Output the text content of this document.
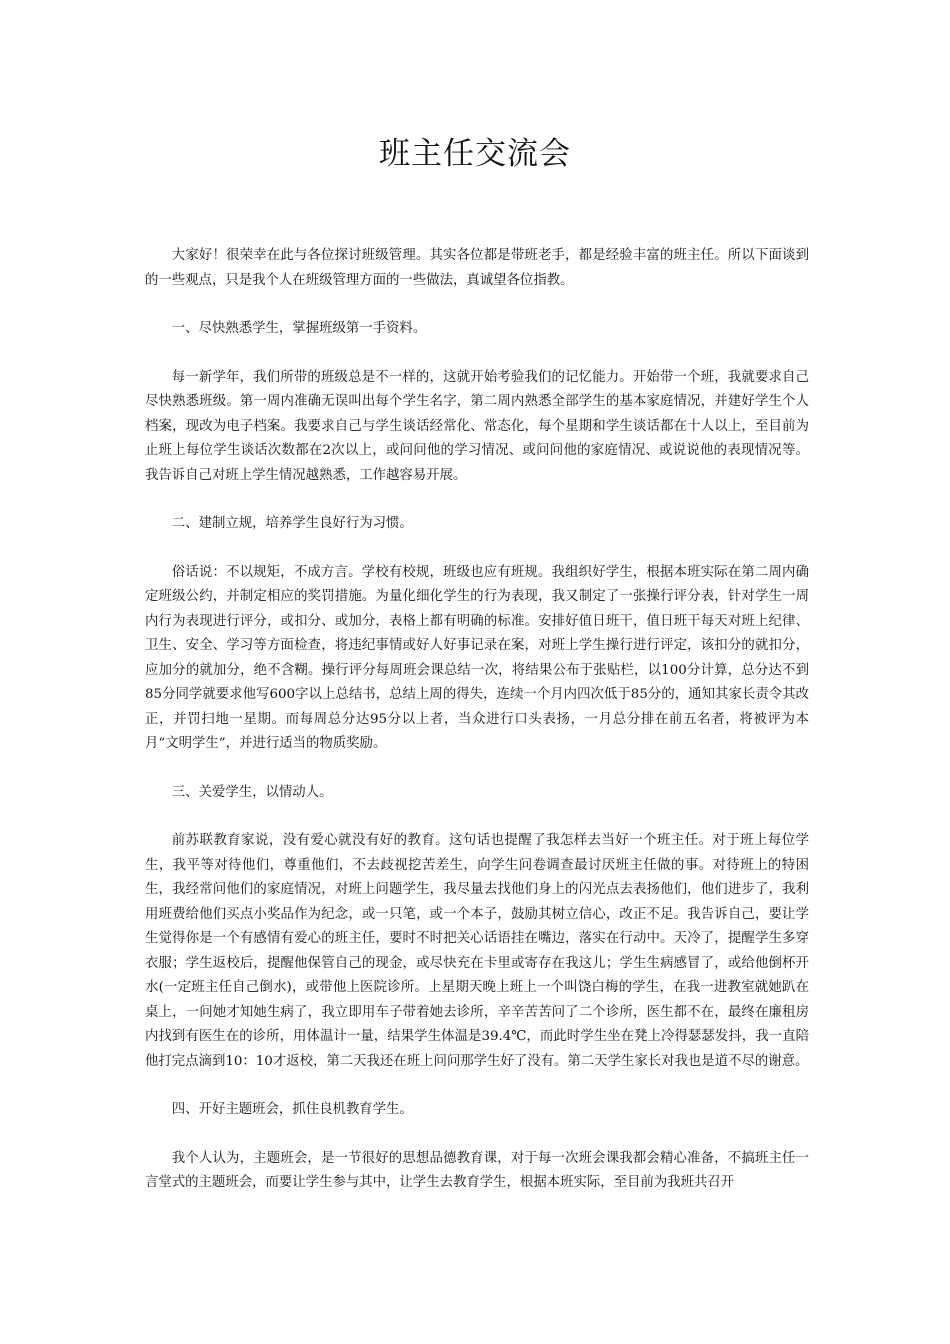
班主任交流会

大家好！很荣幸在此与各位探讨班级管理。其实各位都是带班老手，都是经验丰富的班主任。所以下面谈到的一些观点，只是我个人在班级管理方面的一些做法，真诚望各位指教。

一、尽快熟悉学生，掌握班级第一手资料。

每一新学年，我们所带的班级总是不一样的，这就开始考验我们的记忆能力。开始带一个班，我就要求自己尽快熟悉班级。第一周内准确无误叫出每个学生名字，第二周内熟悉全部学生的基本家庭情况，并建好学生个人档案，现改为电子档案。我要求自己与学生谈话经常化、常态化，每个星期和学生谈话都在十人以上，至目前为止班上每位学生谈话次数都在2次以上，或问问他的学习情况、或问问他的家庭情况、或说说他的表现情况等。我告诉自己对班上学生情况越熟悉，工作越容易开展。

二、建制立规，培养学生良好行为习惯。

俗话说：不以规矩，不成方言。学校有校规，班级也应有班规。我组织好学生，根据本班实际在第二周内确定班级公约，并制定相应的奖罚措施。为量化细化学生的行为表现，我又制定了一张操行评分表，针对学生一周内行为表现进行评分，或扣分、或加分，表格上都有明确的标准。安排好值日班干，值日班干每天对班上纪律、卫生、安全、学习等方面检查，将违纪事情或好人好事记录在案，对班上学生操行进行评定，该扣分的就扣分，应加分的就加分，绝不含糊。操行评分每周班会课总结一次，将结果公布于张贴栏，以100分计算，总分达不到85分同学就要求他写600字以上总结书，总结上周的得失，连续一个月内四次低于85分的，通知其家长责令其改正，并罚扫地一星期。而每周总分达95分以上者，当众进行口头表扬，一月总分排在前五名者，将被评为本月“文明学生”，并进行适当的物质奖励。

三、关爱学生，以情动人。

前苏联教育家说，没有爱心就没有好的教育。这句话也提醒了我怎样去当好一个班主任。对于班上每位学生，我平等对待他们，尊重他们，不去歧视挖苦差生，向学生问卷调查最讨厌班主任做的事。对待班上的特困生，我经常问他们的家庭情况，对班上问题学生，我尽量去找他们身上的闪光点去表扬他们，他们进步了，我利用班费给他们买点小奖品作为纪念，或一只笔，或一个本子，鼓励其树立信心，改正不足。我告诉自己，要让学生觉得你是一个有感情有爱心的班主任，要时不时把关心话语挂在嘴边，落实在行动中。天冷了，提醒学生多穿衣服；学生返校后，提醒他保管自己的现金，或尽快充在卡里或寄存在我这儿；学生生病感冒了，或给他倒杯开水(一定班主任自己倒水)，或带他上医院诊所。上星期天晚上班上一个叫饶白梅的学生，在我一进教室就她趴在桌上，一问她才知她生病了，我立即用车子带着她去诊所，辛辛苦苦问了二个诊所，医生都不在，最终在廉租房内找到有医生在的诊所，用体温计一量，结果学生体温是39.4℃，而此时学生坐在凳上冷得瑟瑟发抖，我一直陪他打完点滴到10：10才返校，第二天我还在班上问问那学生好了没有。第二天学生家长对我也是道不尽的谢意。

四、开好主题班会，抓住良机教育学生。

我个人认为，主题班会，是一节很好的思想品德教育课，对于每一次班会课我都会精心准备，不搞班主任一言堂式的主题班会，而要让学生参与其中，让学生去教育学生，根据本班实际，至目前为我班共召开
